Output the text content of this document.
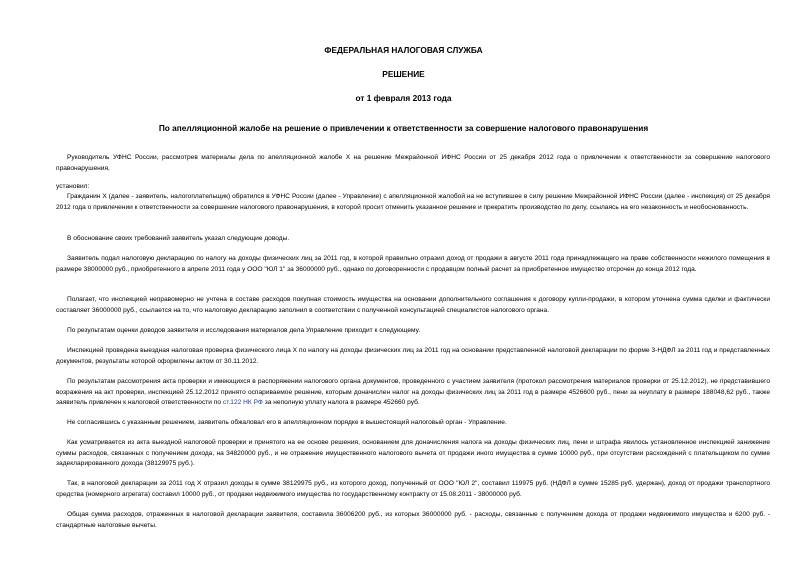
ФЕДЕРАЛЬНАЯ НАЛОГОВАЯ СЛУЖБА
РЕШЕНИЕ
от 1 февраля 2013 года
По апелляционной жалобе на решение о привлечении к ответственности за совершение налогового правонарушения
Руководитель УФНС России, рассмотрев материалы дела по апелляционной жалобе X на решение Межрайонной ИФНС России от 25 декабря 2012 года о привлечении к ответственности за совершение налогового правонарушения,
установил:
Гражданин X (далее - заявитель, налогоплательщик) обратился в УФНС России (далее - Управление) с апелляционной жалобой на не вступившее в силу решение Межрайонной ИФНС России (далее - инспекция) от 25 декабря 2012 года о привлечении к ответственности за совершение налогового правонарушения, в которой просит отменить указанное решение и прекратить производство по делу, ссылаясь на его незаконность и необоснованность.
В обоснование своих требований заявитель указал следующие доводы.
Заявитель подал налоговую декларацию по налогу на доходы физических лиц за 2011 год, в которой правильно отразил доход от продажи в августе 2011 года принадлежащего на праве собственности нежилого помещения в размере 38000000 руб., приобретенного в апреле 2011 года у ООО "ЮЛ 1" за 36000000 руб., однако по договоренности с продавцом полный расчет за приобретенное имущество отсрочен до конца 2012 года.
Полагает, что инспекцией неправомерно не учтена в составе расходов покупная стоимость имущества на основании дополнительного соглашения к договору купли-продажи, в котором уточнена сумма сделки и фактически составляет 36000000 руб., ссылается на то, что налоговую декларацию заполнил в соответствии с полученной консультацией специалистов налогового органа.
По результатам оценки доводов заявителя и исследования материалов дела Управление приходит к следующему.
Инспекцией проведена выездная налоговая проверка физического лица X по налогу на доходы физических лиц за 2011 год на основании представленной налоговой декларации по форме 3-НДФЛ за 2011 год и представленных документов, результаты которой оформлены актом от 30.11.2012.
По результатам рассмотрения акта проверки и имеющихся в распоряжении налогового органа документов, проведенного с участием заявителя (протокол рассмотрения материалов проверки от 25.12.2012), не представившего возражения на акт проверки, инспекцией 25.12.2012 принято оспариваемое решение, которым доначислен налог на доходы физических лиц за 2011 год в размере 4526600 руб., пени за неуплату в размере 188048,62 руб., также заявитель привлечен к налоговой ответственности по ст.122 НК РФ за неполную уплату налога в размере 452660 руб.
Не согласившись с указанным решением, заявитель обжаловал его в апелляционном порядке в вышестоящий налоговый орган - Управление.
Как усматривается из акта выездной налоговой проверки и принятого на ее основе решения, основанием для доначисления налога на доходы физических лиц, пени и штрафа явилось установленное инспекцией занижение суммы расходов, связанных с получением дохода, на 34820000 руб., и не отражение имущественного налогового вычета от продажи иного имущества в сумме 10000 руб., при отсутствии расхождений с плательщиком по сумме задекларированного дохода (38129975 руб.).
Так, в налоговой декларации за 2011 год X отразил доходы в сумме 38129975 руб., из которого доход, полученный от ООО "ЮЛ 2", составил 119975 руб. (НДФЛ в сумме 15285 руб. удержан), доход от продажи транспортного средства (номерного агрегата) составил 10000 руб., от продажи недвижимого имущества по государственному контракту от 15.08.2011 - 38000000 руб.
Общая сумма расходов, отраженных в налоговой декларации заявителя, составила 36006200 руб., из которых 36000000 руб. - расходы, связанные с получением дохода от продажи недвижимого имущества и 6200 руб. - стандартные налоговые вычеты.
